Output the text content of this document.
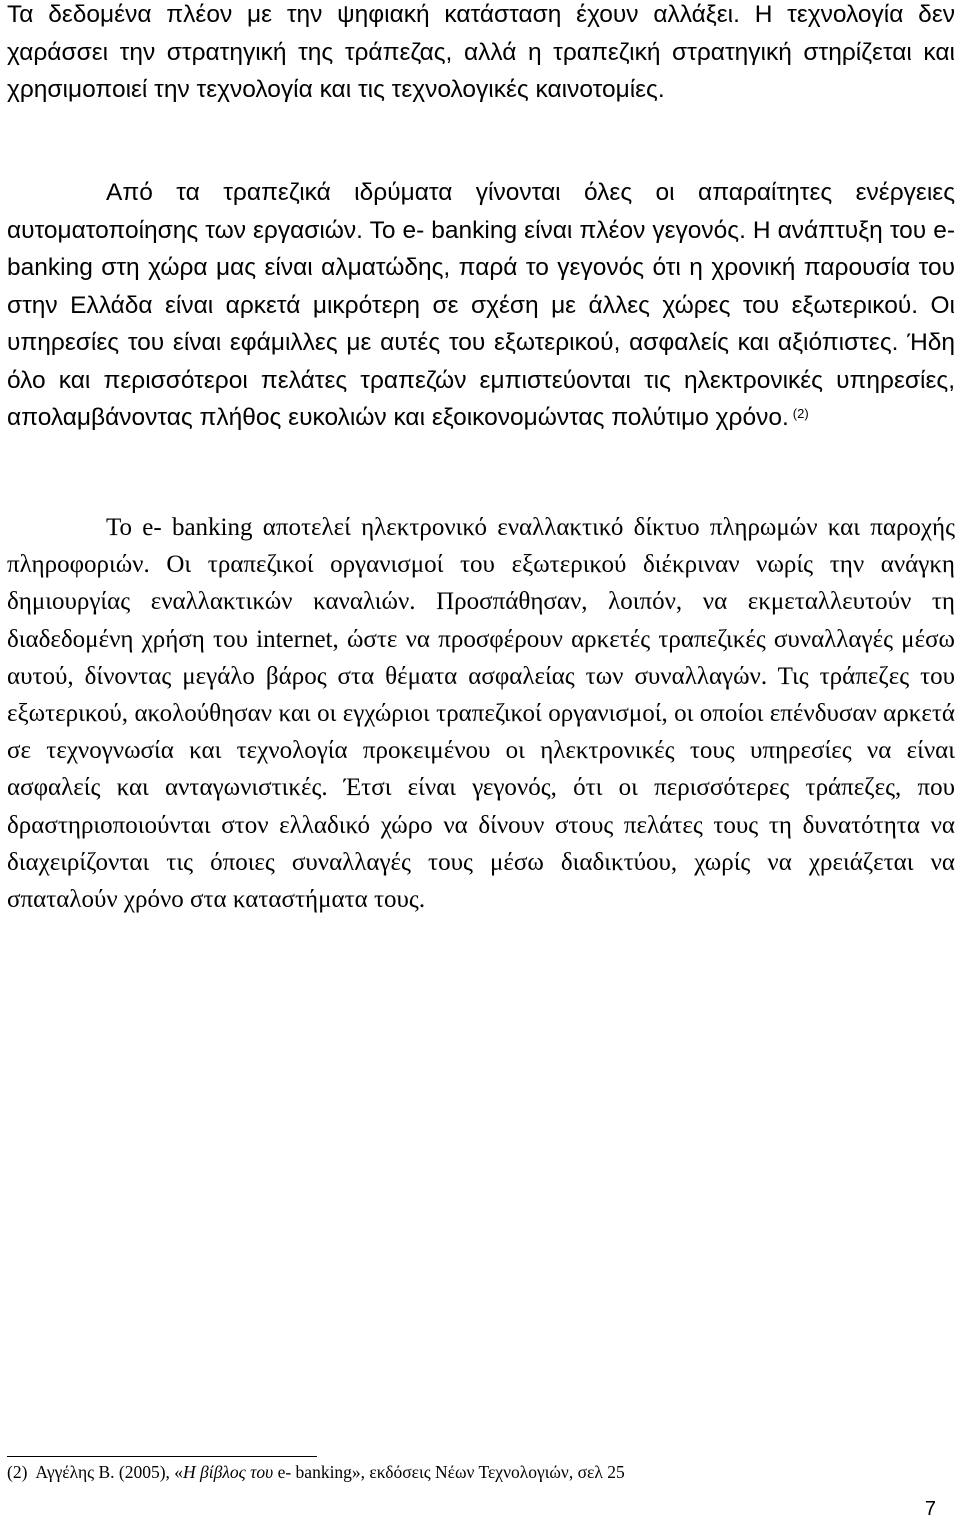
Τα δεδομένα πλέον με την ψηφιακή κατάσταση έχουν αλλάξει. Η τεχνολογία δεν χαράσσει την στρατηγική της τράπεζας, αλλά η τραπεζική στρατηγική στηρίζεται και χρησιμοποιεί την τεχνολογία και τις τεχνολογικές καινοτομίες.

Από τα τραπεζικά ιδρύματα γίνονται όλες οι απαραίτητες ενέργειες αυτοματοποίησης των εργασιών. Το e- banking είναι πλέον γεγονός. Η ανάπτυξη του e- banking στη χώρα μας είναι αλματώδης, παρά το γεγονός ότι η χρονική παρουσία του στην Ελλάδα είναι αρκετά μικρότερη σε σχέση με άλλες χώρες του εξωτερικού. Οι υπηρεσίες του είναι εφάμιλλες με αυτές του εξωτερικού, ασφαλείς και αξιόπιστες. Ήδη όλο και περισσότεροι πελάτες τραπεζών εμπιστεύονται τις ηλεκτρονικές υπηρεσίες, απολαμβάνοντας πλήθος ευκολιών και εξοικονομώντας πολύτιμο χρόνο. $^{(2)}$

Το e- banking αποτελεί ηλεκτρονικό εναλλακτικό δίκτυο πληρωμών και παροχής πληροφοριών. Οι τραπεζικοί οργανισμοί του εξωτερικού διέκριναν νωρίς την ανάγκη δημιουργίας εναλλακτικών καναλιών. Προσπάθησαν, λοιπόν, να εκμεταλλευτούν τη διαδεδομένη χρήση του internet, ώστε να προσφέρουν αρκετές τραπεζικές συναλλαγές μέσω αυτού, δίνοντας μεγάλο βάρος στα θέματα ασφαλείας των συναλλαγών. Τις τράπεζες του εξωτερικού, ακολούθησαν και οι εγχώριοι τραπεζικοί οργανισμοί, οι οποίοι επένδυσαν αρκετά σε τεχνογνωσία και τεχνολογία προκειμένου οι ηλεκτρονικές τους υπηρεσίες να είναι ασφαλείς και ανταγωνιστικές. Έτσι είναι γεγονός, ότι οι περισσότερες τράπεζες, που δραστηριοποιούνται στον ελλαδικό χώρο να δίνουν στους πελάτες τους τη δυνατότητα να διαχειρίζονται τις όποιες συναλλαγές τους μέσω διαδικτύου, χωρίς να χρειάζεται να σπαταλούν χρόνο στα καταστήματα τους.

(2) Αγγέλης Β. (2005), «Η βίβλος του e- banking», εκδόσεις Νέων Τεχνολογιών, σελ 25

7
